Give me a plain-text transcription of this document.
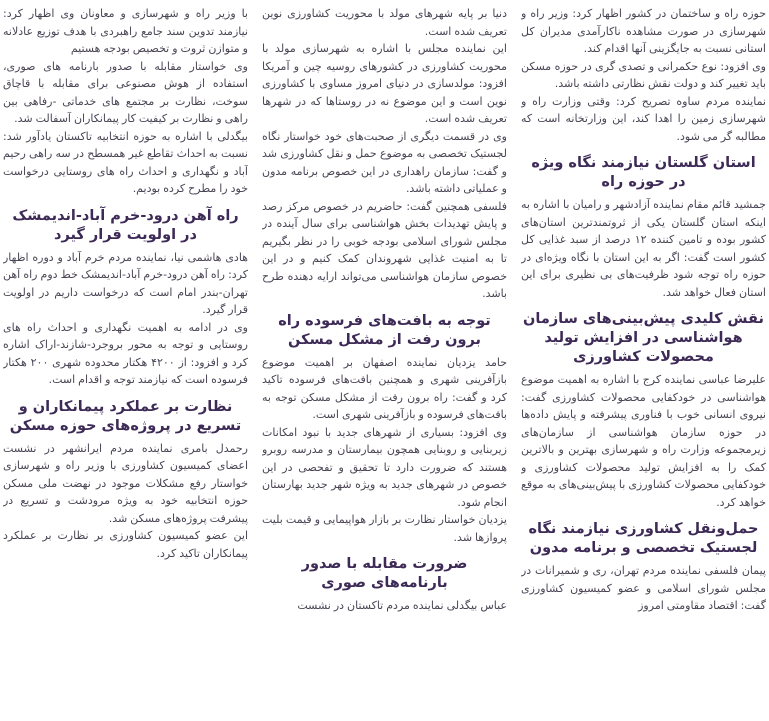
حوزه راه و ساختمان در کشور اظهار کرد: وزیر راه و شهرسازی در صورت مشاهده ناکارآمدی مدیران کل استانی نسبت به جایگزینی آنها اقدام کند.

وی افزود: نوع حکمرانی و تصدی گری در حوزه مسکن باید تغییر کند و دولت نقش نظارتی داشته باشد.

نماینده مردم ساوه تصریح کرد: وقتی وزارت راه و شهرسازی زمین را اهدا کند، این وزارتخانه است که مطالبه گر می شود.

استان گلستان نیازمند نگاه ویژه در حوزه راه

جمشید قائم مقام نماینده آزادشهر و رامیان با اشاره به اینکه استان گلستان یکی از ثروتمندترین استان‌های کشور بوده و تامین کننده ۱۲ درصد از سبد غذایی کل کشور است گفت: اگر به این استان با نگاه ویژه‌ای در حوزه راه توجه شود ظرفیت‌های بی نظیری برای این استان فعال خواهد شد.

نقش کلیدی پیش‌بینی‌های سازمان هواشناسی در افزایش تولید محصولات کشاورزی

علیرضا عباسی نماینده کرج با اشاره به اهمیت موضوع هواشناسی در خودکفایی محصولات کشاورزی گفت: نیروی انسانی خوب با فناوری پیشرفته و پایش داده‌ها در حوزه سازمان هواشناسی از سازمان‌های زیرمجموعه وزارت راه و شهرسازی بهترین و بالاترین کمک را به افزایش تولید محصولات کشاورزی و خودکفایی محصولات کشاورزی با پیش‌بینی‌های به موقع خواهد کرد.

حمل‌ونقل کشاورزی نیازمند نگاه لجستیک تخصصی و برنامه مدون

پیمان فلسفی نماینده مردم تهران، ری و شمیرانات در مجلس شورای اسلامی و عضو کمیسیون کشاورزی گفت: اقتصاد مقاومتی امروز

دنیا بر پایه شهرهای مولد با محوریت کشاورزی نوین تعریف شده است.

این نماینده مجلس با اشاره به شهرسازی مولد با محوریت کشاورزی در کشورهای روسیه چین و آمریکا افزود: مولدسازی در دنیای امروز مساوی با کشاورزی نوین است و این موضوع نه در روستاها که در شهرها تعریف شده است.

وی در قسمت دیگری از صحبت‌های خود خواستار نگاه لجستیک تخصصی به موضوع حمل و نقل کشاورزی شد و گفت: سازمان راهداری در این خصوص برنامه مدون و عملیاتی داشته باشد.

فلسفی همچنین گفت: حاضریم در خصوص مرکز رصد و پایش تهدیدات بخش هواشناسی برای سال آینده در مجلس شورای اسلامی بودجه خوبی را در نظر بگیریم تا به امنیت غذایی شهروندان کمک کنیم و در این خصوص سازمان هواشناسی می‌تواند ارایه دهنده طرح باشد.

توجه به بافت‌های فرسوده راه برون رفت از مشکل مسکن

حامد یزدیان نماینده اصفهان بر اهمیت موضوع بازآفرینی شهری و همچنین بافت‌های فرسوده تاکید کرد و گفت: راه برون رفت از مشکل مسکن توجه به بافت‌های فرسوده و بازآفرینی شهری است.

وی افزود: بسیاری از شهرهای جدید با نبود امکانات زیربنایی و روبنایی همچون بیمارستان و مدرسه روبرو هستند که ضرورت دارد تا تحقیق و تفحصی در این خصوص در شهرهای جدید به ویژه شهر جدید بهارستان انجام شود.

یزدیان خواستار نظارت بر بازار هواپیمایی و قیمت بلیت پروازها شد.

ضرورت مقابله با صدور بارنامه‌های صوری

عباس بیگدلی نماینده مردم تاکستان در نشست

با وزیر راه و شهرسازی و معاونان وی اظهار کرد: نیازمند تدوین سند جامع راهبردی با هدف توزیع عادلانه و متوازن ثروت و تخصیص بودجه هستیم

وی خواستار مقابله با صدور بارنامه های صوری، استفاده از هوش مصنوعی برای مقابله با قاچاق سوخت، نظارت بر مجتمع های خدماتی -رفاهی بین راهی و نظارت بر کیفیت کار پیمانکاران آسفالت شد.

بیگدلی با اشاره به حوزه انتخابیه تاکستان یادآور شد: نسبت به احداث تقاطع غیر همسطح در سه راهی رحیم آباد و نگهداری و احداث راه های روستایی درخواست خود را مطرح کرده بودیم.

راه آهن درود-خرم آباد-اندیمشک در اولویت قرار گیرد

هادی هاشمی نیا، نماینده مردم خرم آباد و دوره اظهار کرد: راه آهن درود-خرم آباد-اندیمشک خط دوم راه آهن تهران-بندر امام است که درخواست داریم در اولویت قرار گیرد.

وی در ادامه به اهمیت نگهداری و احداث راه های روستایی و توجه به محور بروجرد-شازند-اراک اشاره کرد و افزود: از ۴۲۰۰ هکتار محدوده شهری ۲۰۰ هکتار فرسوده است که نیازمند توجه و اقدام است.

نظارت بر عملکرد پیمانکاران و تسریع در پروژه‌های حوزه مسکن

رحمدل بامری نماینده مردم ایرانشهر در نشست اعضای کمیسیون کشاورزی با وزیر راه و شهرسازی خواستار رفع مشکلات موجود در نهضت ملی مسکن حوزه انتخابیه خود به ویژه مرودشت و تسریع در پیشرفت پروژه‌های مسکن شد.

این عضو کمیسیون کشاورزی بر نظارت بر عملکرد پیمانکاران تاکید کرد.
